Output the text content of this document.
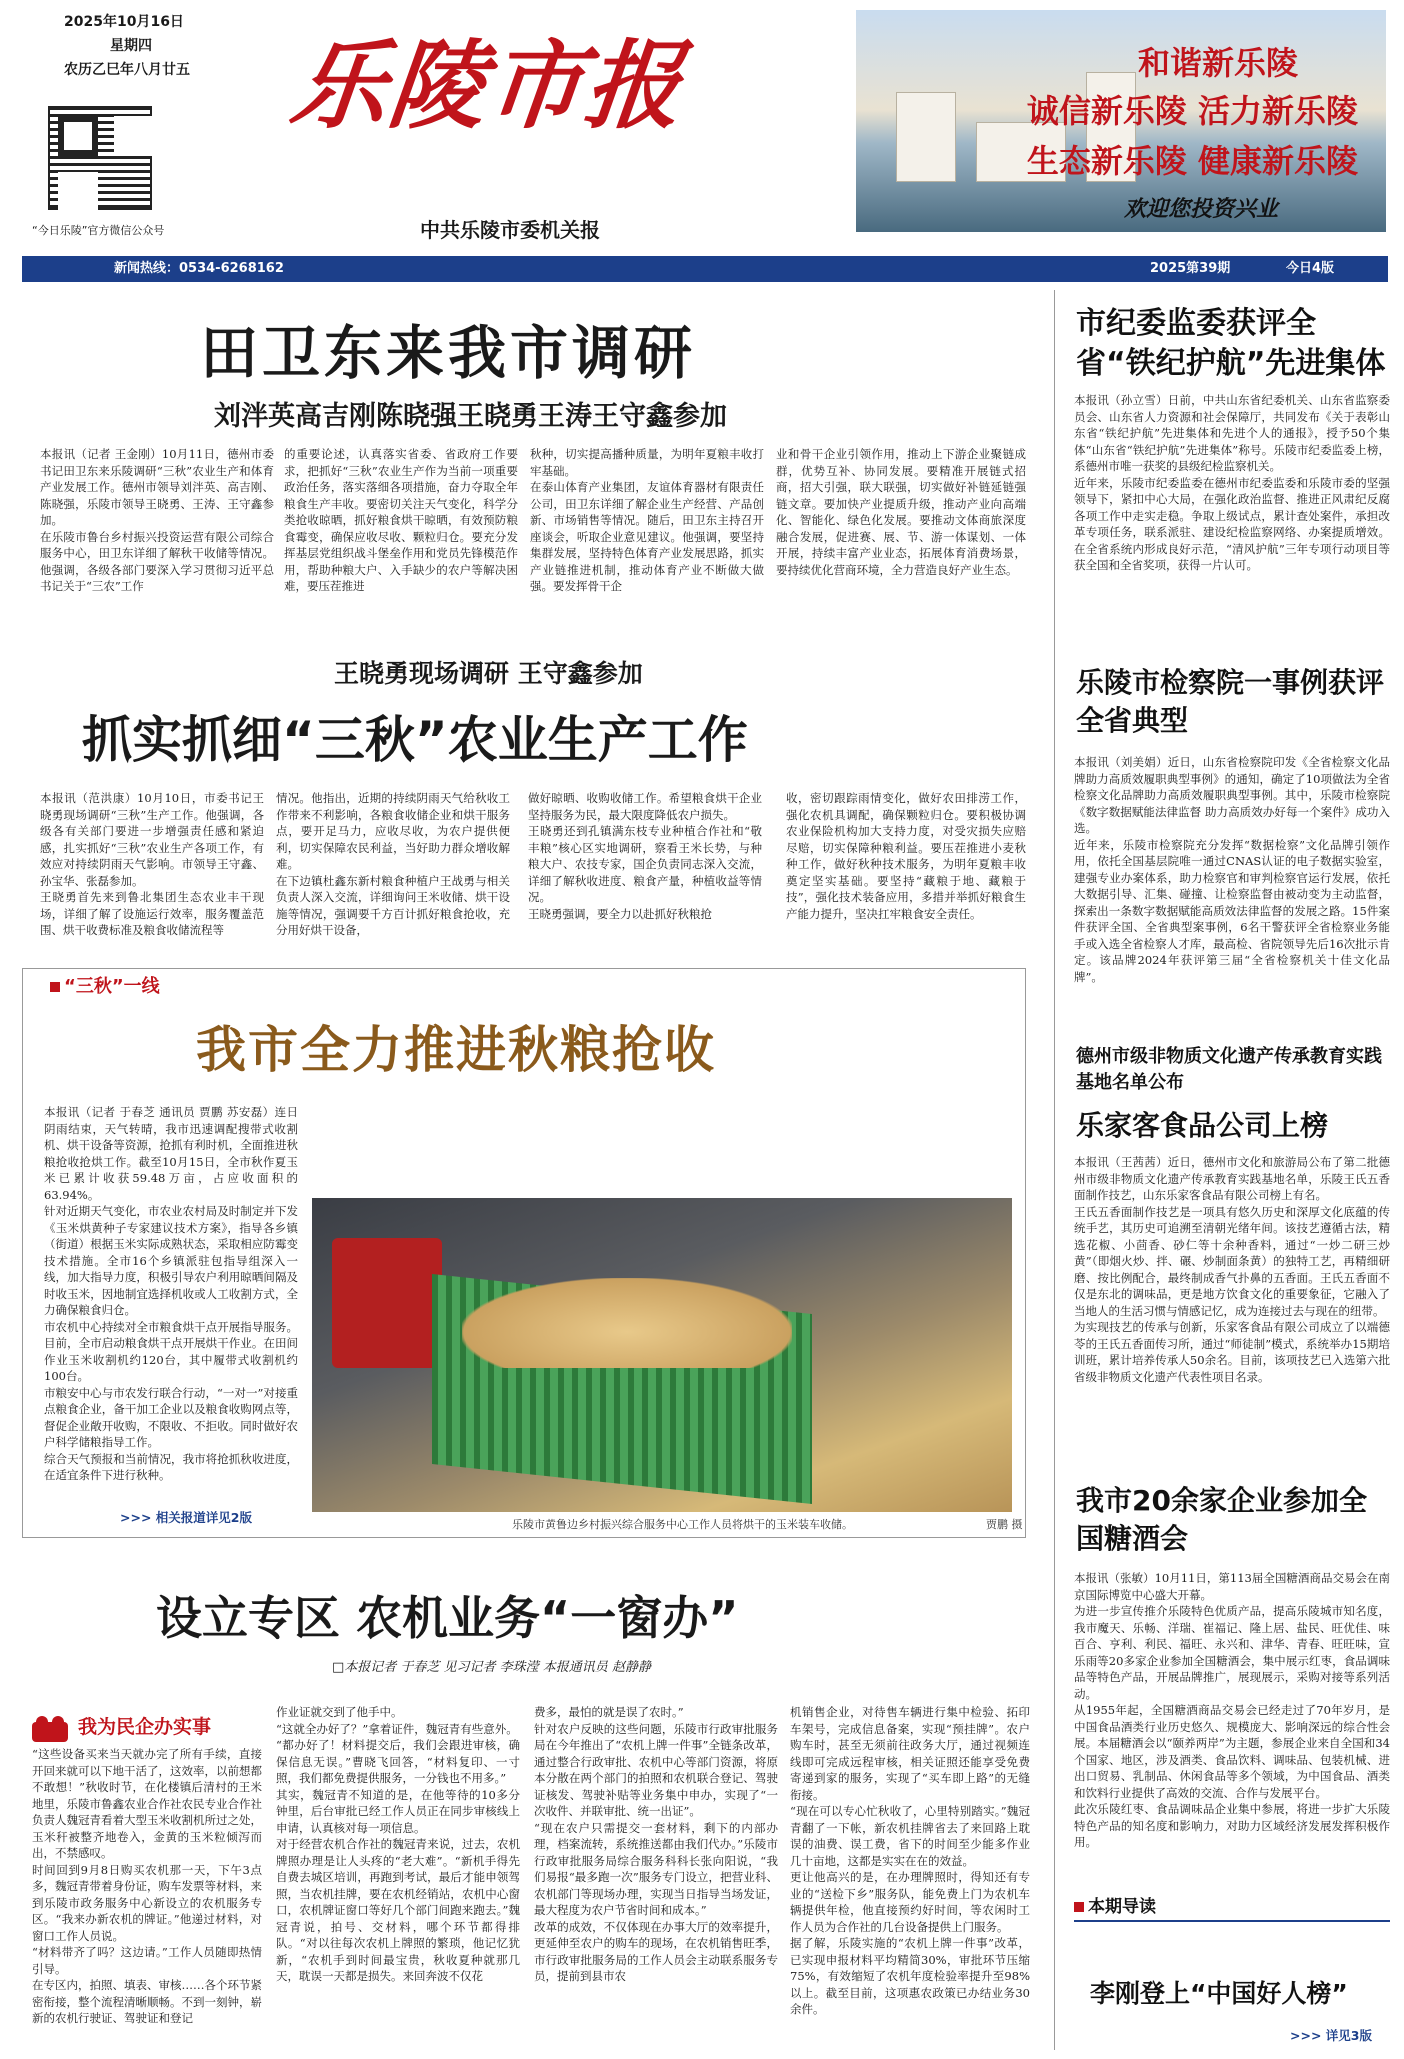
2025年10月16日
星期四
农历乙巳年八月廿五
“今日乐陵”官方微信公众号
乐陵市报
中共乐陵市委机关报
和谐新乐陵
诚信新乐陵 活力新乐陵
生态新乐陵 健康新乐陵
欢迎您投资兴业
新闻热线：0534-6268162	2025第39期	今日4版
田卫东来我市调研
刘泮英高吉刚陈晓强王晓勇王涛王守鑫参加
本报讯（记者 王金刚）10月11日，德州市委书记田卫东来乐陵调研“三秋”农业生产和体育产业发展工作。德州市领导刘泮英、高吉刚、陈晓强，乐陵市领导王晓勇、王涛、王守鑫参加。
在乐陵市鲁台乡村振兴投资运营有限公司综合服务中心，田卫东详细了解秋干收储等情况。他强调，各级各部门要深入学习贯彻习近平总书记关于“三农”工作
的重要论述，认真落实省委、省政府工作要求，把抓好“三秋”农业生产作为当前一项重要政治任务，落实落细各项措施，奋力夺取全年粮食生产丰收。要密切关注天气变化，科学分类抢收晾晒，抓好粮食烘干晾晒，有效预防粮食霉变，确保应收尽收、颗粒归仓。要充分发挥基层党组织战斗堡垒作用和党员先锋模范作用，帮助种粮大户、入手缺少的农户等解决困难，要压茬推进
秋种，切实提高播种质量，为明年夏粮丰收打牢基础。
在泰山体育产业集团，友谊体育器材有限责任公司，田卫东详细了解企业生产经营、产品创新、市场销售等情况。随后，田卫东主持召开座谈会，听取企业意见建议。他强调，要坚持集群发展，坚持特色体育产业发展思路，抓实产业链推进机制，推动体育产业不断做大做强。要发挥骨干企
业和骨干企业引领作用，推动上下游企业聚链成群，优势互补、协同发展。要精准开展链式招商，招大引强，联大联强，切实做好补链延链强链文章。要加快产业提质升级，推动产业向高端化、智能化、绿色化发展。要推动文体商旅深度融合发展，促进赛、展、节、游一体谋划、一体开展，持续丰富产业业态，拓展体育消费场景，要持续优化营商环境，全力营造良好产业生态。
王晓勇现场调研 王守鑫参加
抓实抓细“三秋”农业生产工作
本报讯（范洪康）10月10日，市委书记王晓勇现场调研“三秋”生产工作。他强调，各级各有关部门要进一步增强责任感和紧迫感，扎实抓好“三秋”农业生产各项工作，有效应对持续阴雨天气影响。市领导王守鑫、孙宝华、张磊参加。
王晓勇首先来到鲁北集团生态农业丰干现场，详细了解了设施运行效率，服务覆盖范围、烘干收费标准及粮食收储流程等
情况。他指出，近期的持续阴雨天气给秋收工作带来不利影响，各粮食收储企业和烘干服务点，要开足马力，应收尽收，为农户提供便利，切实保障农民利益，当好助力群众增收解难。
在下边镇杜鑫东新村粮食种植户王战勇与相关负责人深入交流，详细询问王米收储、烘干设施等情况，强调要千方百计抓好粮食抢收，充分用好烘干设备，
做好晾晒、收购收储工作。希望粮食烘干企业坚持服务为民，最大限度降低农户损失。
王晓勇还到孔镇满东枝专业种植合作社和“敬丰粮”核心区实地调研，察看王米长势，与种粮大户、农技专家，国企负责同志深入交流，详细了解秋收进度、粮食产量，种植收益等情况。
王晓勇强调，要全力以赴抓好秋粮抢
收，密切跟踪雨情变化，做好农田排涝工作，强化农机具调配，确保颗粒归仓。要积极协调农业保险机构加大支持力度，对受灾损失应赔尽赔，切实保障种粮利益。要压茬推进小麦秋种工作，做好秋种技术服务，为明年夏粮丰收奠定坚实基础。要坚持“藏粮于地、藏粮于技”，强化技术装备应用，多措并举抓好粮食生产能力提升，坚决扛牢粮食安全责任。
“三秋”一线
我市全力推进秋粮抢收
本报讯（记者 于春芝 通讯员 贾鹏 苏安磊）连日阴雨结束，天气转晴，我市迅速调配搜带式收割机、烘干设备等资源，抢抓有利时机，全面推进秋粮抢收抢烘工作。截至10月15日，全市秋作夏玉米已累计收获59.48万亩，占应收面积的63.94%。
针对近期天气变化，市农业农村局及时制定并下发《玉米烘黄种子专家建议技术方案》，指导各乡镇（街道）根据玉米实际成熟状态，采取相应防霉变技术措施。全市16个乡镇派驻包指导组深入一线，加大指导力度，积极引导农户利用晾晒间隔及时收玉米，因地制宜选择机收或人工收割方式，全力确保粮食归仓。
市农机中心持续对全市粮食烘干点开展指导服务。目前，全市启动粮食烘干点开展烘干作业。在田间作业玉米收割机约120台，其中履带式收割机约100台。
市粮安中心与市农发行联合行动，“一对一”对接重点粮食企业，备干加工企业以及粮食收购网点等，督促企业敞开收购，不限收、不拒收。同时做好农户科学储粮指导工作。
综合天气预报和当前情况，我市将抢抓秋收进度，在适宜条件下进行秋种。
>>> 相关报道详见2版	乐陵市黄鲁边乡村振兴综合服务中心工作人员将烘干的玉米装车收储。	贾鹏 摄
设立专区 农机业务“一窗办”
□本报记者 于春芝 见习记者 李珠滢 本报通讯员 赵静静
我为民企办实事
“这些设备买来当天就办完了所有手续，直接开回来就可以下地干活了，这效率，以前想都不敢想！”秋收时节，在化楼镇后清村的王米地里，乐陵市鲁鑫农业合作社农民专业合作社负责人魏冠青看着大型玉米收割机所过之处，玉米秆被整齐地卷入，金黄的玉米粒倾泻而出，不禁感叹。
时间回到9月8日购买农机那一天，下午3点多，魏冠青带着身份证，购车发票等材料，来到乐陵市政务服务中心新设立的农机服务专区。“我来办新农机的牌证。”他递过材料，对窗口工作人员说。
“材料带齐了吗？这边请。”工作人员随即热情引导。
在专区内，拍照、填表、审核……各个环节紧密衔接，整个流程清晰顺畅。不到一刻钟，崭新的农机行驶证、驾驶证和登记
作业证就交到了他手中。
“这就全办好了？”拿着证件，魏冠青有些意外。
“都办好了！材料提交后，我们会跟进审核，确保信息无误。”曹晓飞回答，“材料复印、一寸照，我们都免费提供服务，一分钱也不用多。”
其实，魏冠青不知道的是，在他等待的10多分钟里，后台审批已经工作人员正在同步审核线上申请，认真核对每一项信息。
对于经营农机合作社的魏冠青来说，过去，农机牌照办理是让人头疼的“老大难”。“新机手得先自费去城区培训，再跑到考试，最后才能申领驾照，当农机挂牌，要在农机经销站，农机中心窗口，农机牌证窗口等好几个部门间跑来跑去。”魏冠青说，拍号、交材料，哪个环节都得排队。“对以往每次农机上牌照的繁琐，他记忆犹新，“农机手到时间最宝贵，秋收夏种就那几天，耽误一天都是损失。来回奔波不仅花
费多，最怕的就是误了农时。”
针对农户反映的这些问题，乐陵市行政审批服务局在今年推出了“农机上牌一件事”全链条改革，通过整合行政审批、农机中心等部门资源，将原本分散在两个部门的拍照和农机联合登记、驾驶证核发、驾驶补贴等业务集中申办，实现了“一次收件、并联审批、统一出证”。
“现在农户只需提交一套材料，剩下的内部办理，档案流转，系统推送都由我们代办。”乐陵市行政审批服务局综合服务科科长张向阳说，“我们易报“最多跑一次”服务专门设立，把营业科、农机部门等现场办理，实现当日指导当场发证，最大程度为农户节省时间和成本。”
改革的成效，不仅体现在办事大厅的效率提升，更延伸至农户的购车的现场，在农机销售旺季，市行政审批服务局的工作人员会主动联系服务专员，提前到县市农
机销售企业，对待售车辆进行集中检验、拓印车架号，完成信息备案，实现“预挂牌”。农户购车时，甚至无须前往政务大厅，通过视频连线即可完成远程审核，相关证照还能享受免费寄递到家的服务，实现了“买车即上路”的无缝衔接。
“现在可以专心忙秋收了，心里特别踏实。”魏冠青翻了一下帐，新农机挂牌省去了来回路上耽误的油费、误工费，省下的时间至少能多作业几十亩地，这都是实实在在的效益。
更让他高兴的是，在办理牌照时，得知还有专业的“送检下乡”服务队，能免费上门为农机车辆提供年检，他直接预约好时间，等农闲时工作人员为合作社的几台设备提供上门服务。
据了解，乐陵实施的“农机上牌一件事”改革，已实现申报材料平均精简30%，审批环节压缩75%，有效缩短了农机年度检验率提升至98%以上。截至目前，这项惠农政策已办结业务30余件。
市纪委监委获评全省“铁纪护航”先进集体
本报讯（孙立雪）日前，中共山东省纪委机关、山东省监察委员会、山东省人力资源和社会保障厅，共同发布《关于表彰山东省“铁纪护航”先进集体和先进个人的通报》，授予50个集体“山东省“铁纪护航”先进集体”称号。乐陵市纪委监委上榜，系德州市唯一获奖的县级纪检监察机关。
近年来，乐陵市纪委监委在德州市纪委监委和乐陵市委的坚强领导下，紧扣中心大局，在强化政治监督、推进正风肃纪反腐各项工作中走实走稳。争取上级试点，累计查处案件，承担改革专项任务，联系派驻、建设纪检监察网络、办案提质增效。在全省系统内形成良好示范，“清风护航”三年专项行动项目等获全国和全省奖项，获得一片认可。
乐陵市检察院一事例获评全省典型
本报讯（刘美娟）近日，山东省检察院印发《全省检察文化品牌助力高质效履职典型事例》的通知，确定了10项做法为全省检察文化品牌助力高质效履职典型事例。其中，乐陵市检察院《数字数据赋能法律监督 助力高质效办好每一个案件》成功入选。
近年来，乐陵市检察院充分发挥“数据检察”文化品牌引领作用，依托全国基层院唯一通过CNAS认证的电子数据实验室，建强专业办案体系，助力检察官和审判检察官运行发展，依托大数据引导、汇集、碰撞、让检察监督由被动变为主动监督，探索出一条数字数据赋能高质效法律监督的发展之路。15件案件获评全国、全省典型案事例，6名干警获评全省检察业务能手或入选全省检察人才库，最高检、省院领导先后16次批示肯定。该品牌2024年获评第三届“全省检察机关十佳文化品牌”。
德州市级非物质文化遗产传承教育实践基地名单公布
乐家客食品公司上榜
本报讯（王茜茜）近日，德州市文化和旅游局公布了第二批德州市级非物质文化遗产传承教育实践基地名单，乐陵王氏五香面制作技艺，山东乐家客食品有限公司榜上有名。
王氏五香面制作技艺是一项具有悠久历史和深厚文化底蕴的传统手艺，其历史可追溯至清朝光绪年间。该技艺遵循古法，精选花椒、小茴香、砂仁等十余种香料，通过“一炒二研三炒黄”（即烟火炒、拌、碾、炒制面条黄）的独特工艺，再精细研磨、按比例配合，最终制成香气扑鼻的五香面。王氏五香面不仅是东北的调味品，更是地方饮食文化的重要象征，它融入了当地人的生活习惯与情感记忆，成为连接过去与现在的纽带。
为实现技艺的传承与创新，乐家客食品有限公司成立了以端德苓的王氏五香面传习所，通过“师徒制”模式，系统举办15期培训班，累计培养传承人50余名。目前，该项技艺已入选第六批省级非物质文化遗产代表性项目名录。
我市20余家企业参加全国糖酒会
本报讯（张敏）10月11日，第113届全国糖酒商品交易会在南京国际博览中心盛大开幕。
为进一步宣传推介乐陵特色优质产品，提高乐陵城市知名度，我市魔天、乐畅、洋瑞、崔福记、隆上居、盐民、旺优佳、味百合、亨利、利民、福旺、永兴和、津华、青春、旺旺味，宣乐雨等20多家企业参加全国糖酒会，集中展示红枣，食品调味品等特色产品，开展品牌推广，展现展示，采购对接等系列活动。
从1955年起，全国糖酒商品交易会已经走过了70年岁月，是中国食品酒类行业历史悠久、规模庞大、影响深远的综合性会展。本届糖酒会以“颐养两岸”为主题，参展企业来自全国和34个国家、地区，涉及酒类、食品饮料、调味品、包装机械、进出口贸易、乳制品、休闲食品等多个领域，为中国食品、酒类和饮料行业提供了高效的交流、合作与发展平台。
此次乐陵红枣、食品调味品企业集中参展，将进一步扩大乐陵特色产品的知名度和影响力，对助力区域经济发展发挥积极作用。
本期导读
李刚登上“中国好人榜”
>>> 详见3版
